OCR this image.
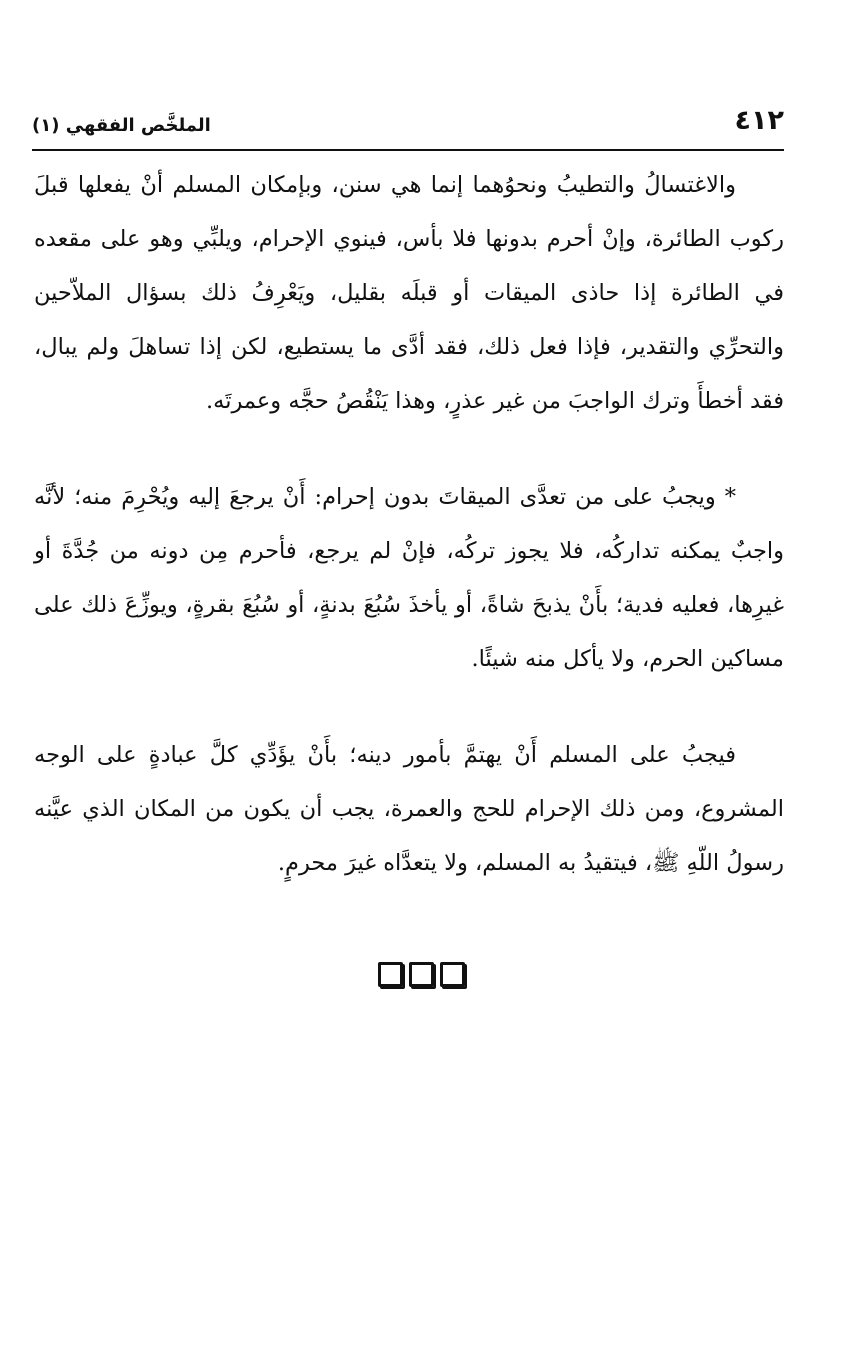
٤١٢
الملخَّص الفقهي (١)

والاغتسالُ والتطيبُ ونحوُهما إنما هي سنن، وبإمكان المسلم أنْ يفعلها قبلَ ركوب الطائرة، وإنْ أحرم بدونها فلا بأس، فينوي الإحرام، ويلبِّي وهو على مقعده في الطائرة إذا حاذى الميقات أو قبلَه بقليل، ويَعْرِفُ ذلك بسؤال الملاّحين والتحرِّي والتقدير، فإذا فعل ذلك، فقد أدَّى ما يستطيع، لكن إذا تساهلَ ولم يبال، فقد أخطأَ وترك الواجبَ من غير عذرٍ، وهذا يَنْقُصُ حجَّه وعمرتَه.

* ويجبُ على من تعدَّى الميقاتَ بدون إحرام: أَنْ يرجعَ إليه ويُحْرِمَ منه؛ لأنَّه واجبٌ يمكنه تداركُه، فلا يجوز تركُه، فإنْ لم يرجع، فأحرم مِن دونه من جُدَّةَ أو غيرِها، فعليه فدية؛ بأَنْ يذبحَ شاةً، أو يأخذَ سُبُعَ بدنةٍ، أو سُبُعَ بقرةٍ، ويوزِّعَ ذلك على مساكين الحرم، ولا يأكل منه شيئًا.

فيجبُ على المسلم أَنْ يهتمَّ بأمور دينه؛ بأَنْ يؤَدِّي كلَّ عبادةٍ على الوجه المشروع، ومن ذلك الإحرام للحج والعمرة، يجب أن يكون من المكان الذي عيَّنه رسولُ اللّهِ ﷺ، فيتقيدُ به المسلم، ولا يتعدَّاه غيرَ محرمٍ.
